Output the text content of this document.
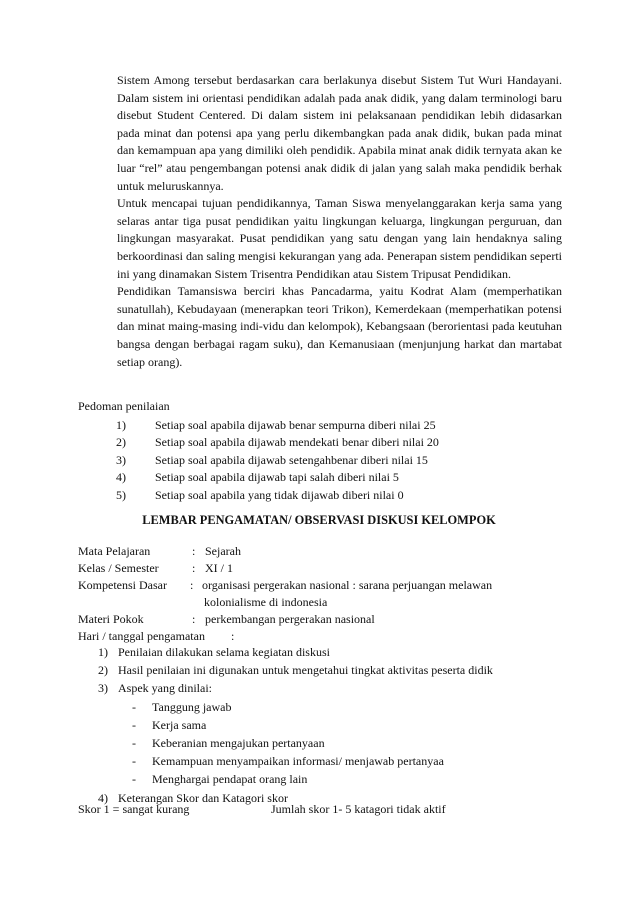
Sistem Among tersebut berdasarkan cara berlakunya disebut Sistem Tut Wuri Handayani. Dalam sistem ini orientasi pendidikan adalah pada anak didik, yang dalam terminologi baru disebut Student Centered. Di dalam sistem ini pelaksanaan pendidikan lebih didasarkan pada minat dan potensi apa yang perlu dikembangkan pada anak didik, bukan pada minat dan kemampuan apa yang dimiliki oleh pendidik. Apabila minat anak didik ternyata akan ke luar “rel” atau pengembangan potensi anak didik di jalan yang salah maka pendidik berhak untuk meluruskannya.

Untuk mencapai tujuan pendidikannya, Taman Siswa menyelanggarakan kerja sama yang selaras antar tiga pusat pendidikan yaitu lingkungan keluarga, lingkungan perguruan, dan lingkungan masyarakat. Pusat pendidikan yang satu dengan yang lain hendaknya saling berkoordinasi dan saling mengisi kekurangan yang ada. Penerapan sistem pendidikan seperti ini yang dinamakan Sistem Trisentra Pendidikan atau Sistem Tripusat Pendidikan.

Pendidikan Tamansiswa berciri khas Pancadarma, yaitu Kodrat Alam (memperhatikan sunatullah), Kebudayaan (menerapkan teori Trikon), Kemerdekaan (memperhatikan potensi dan minat maing-masing indi-vidu dan kelompok), Kebangsaan (berorientasi pada keutuhan bangsa dengan berbagai ragam suku), dan Kemanusiaan (menjunjung harkat dan martabat setiap orang).

Pedoman penilaian

1) Setiap soal apabila dijawab benar sempurna diberi nilai 25
2) Setiap soal apabila dijawab mendekati benar diberi nilai 20
3) Setiap soal apabila dijawab setengahbenar diberi nilai 15
4) Setiap soal apabila dijawab tapi salah diberi nilai 5
5) Setiap soal apabila yang tidak dijawab diberi nilai 0
LEMBAR PENGAMATAN/ OBSERVASI DISKUSI KELOMPOK
Mata Pelajaran	: Sejarah
Kelas / Semester	: XI / 1
Kompetensi Dasar : organisasi pergerakan nasional : sarana perjuangan melawan
kolonialisme di indonesia
Materi Pokok	: perkembangan pergerakan nasional
Hari / tanggal pengamatan :
1) Penilaian dilakukan selama kegiatan diskusi
2) Hasil penilaian ini digunakan untuk mengetahui tingkat aktivitas peserta didik
3) Aspek yang dinilai:
- Tanggung jawab
- Kerja sama
- Keberanian mengajukan pertanyaan
- Kemampuan menyampaikan informasi/ menjawab pertanyaa
- Menghargai pendapat orang lain
4) Keterangan Skor dan Katagori skor
Skor 1 = sangat kurang	Jumlah skor 1- 5 katagori tidak aktif
